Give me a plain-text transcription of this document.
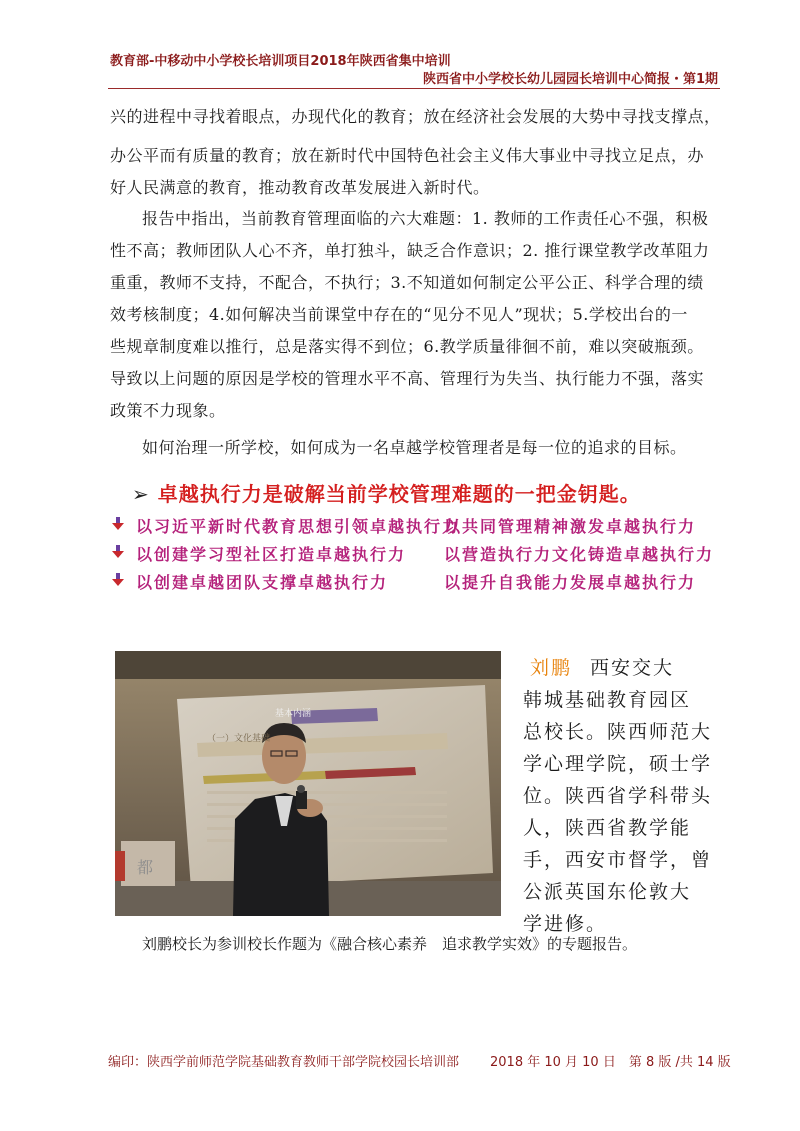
教育部-中移动中小学校长培训项目2018年陕西省集中培训
陕西省中小学校长幼儿园园长培训中心简报・第1期
兴的进程中寻找着眼点，办现代化的教育；放在经济社会发展的大势中寻找支撑点，
办公平而有质量的教育；放在新时代中国特色社会主义伟大事业中寻找立足点，办
好人民满意的教育，推动教育改革发展进入新时代。
报告中指出，当前教育管理面临的六大难题：1. 教师的工作责任心不强，积极
性不高；教师团队人心不齐，单打独斗，缺乏合作意识；2. 推行课堂教学改革阻力
重重，教师不支持，不配合，不执行；3.不知道如何制定公平公正、科学合理的绩
效考核制度；4.如何解决当前课堂中存在的“见分不见人”现状；5.学校出台的一
些规章制度难以推行，总是落实得不到位；6.教学质量徘徊不前，难以突破瓶颈。
导致以上问题的原因是学校的管理水平不高、管理行为失当、执行能力不强，落实
政策不力现象。
如何治理一所学校，如何成为一名卓越学校管理者是每一位的追求的目标。
➢ 卓越执行力是破解当前学校管理难题的一把金钥匙。
以习近平新时代教育思想引领卓越执行力
以共同管理精神激发卓越执行力
以创建学习型社区打造卓越执行力 以营造执行力文化铸造卓越执行力
以创建卓越团队支撑卓越执行力	以提升自我能力发展卓越执行力
都
基本内涵
（一）文化基础
刘鹏 西安交大
韩城基础教育园区
总校长。陕西师范大
学心理学院，硕士学
位。陕西省学科带头
人，陕西省教学能
手，西安市督学，曾
公派英国东伦敦大
学进修。
刘鹏校长为参训校长作题为《融合核心素养　追求教学实效》的专题报告。
编印：陕西学前师范学院基础教育教师干部学院校园长培训部 2018 年 10 月 10 日　第 8 版 /共 14 版
